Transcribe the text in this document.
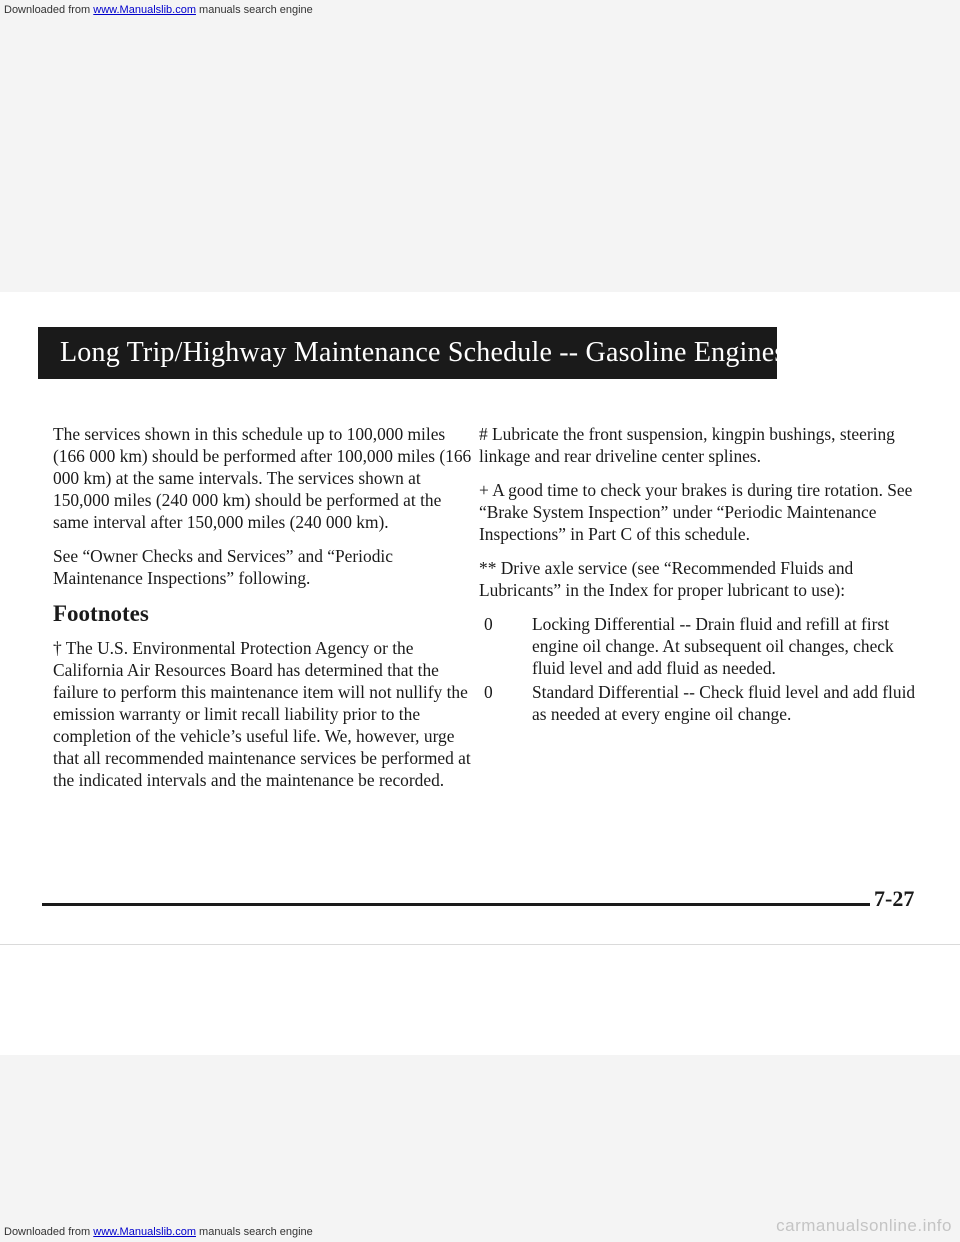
Downloaded from www.Manualslib.com manuals search engine
Long Trip/Highway Maintenance Schedule -- Gasoline Engines

The services shown in this schedule up to 100,000 miles (166 000 km) should be performed after 100,000 miles (166 000 km) at the same intervals. The services shown at 150,000 miles (240 000 km) should be performed at the same interval after 150,000 miles (240 000 km).

See “Owner Checks and Services” and “Periodic Maintenance Inspections” following.

Footnotes

† The U.S. Environmental Protection Agency or the California Air Resources Board has determined that the failure to perform this maintenance item will not nullify the emission warranty or limit recall liability prior to the completion of the vehicle’s useful life. We, however, urge that all recommended maintenance services be performed at the indicated intervals and the maintenance be recorded.

# Lubricate the front suspension, kingpin bushings, steering linkage and rear driveline center splines.

+ A good time to check your brakes is during tire rotation. See “Brake System Inspection” under “Periodic Maintenance Inspections” in Part C of this schedule.

** Drive axle service (see “Recommended Fluids and Lubricants” in the Index for proper lubricant to use):

0 Locking Differential -- Drain fluid and refill at first engine oil change. At subsequent oil changes, check fluid level and add fluid as needed.
0 Standard Differential -- Check fluid level and add fluid as needed at every engine oil change.
7-27
Downloaded from www.Manualslib.com manuals search engine	carmanualsonline.info
